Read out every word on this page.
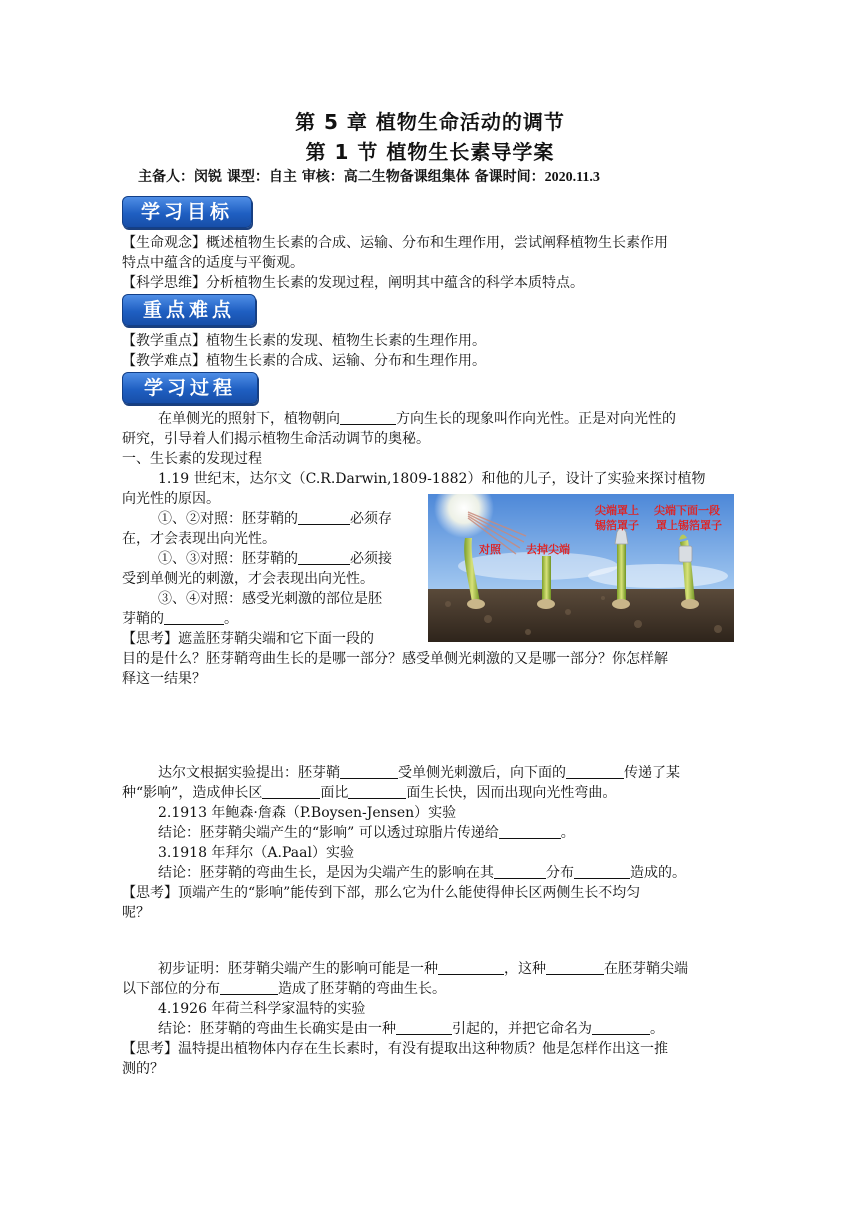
第 5 章 植物生命活动的调节
第 1 节 植物生长素导学案
主备人：闵锐 课型：自主 审核：高二生物备课组集体 备课时间：2020.11.3
学习目标
【生命观念】概述植物生长素的合成、运输、分布和生理作用，尝试阐释植物生长素作用
特点中蕴含的适度与平衡观。
【科学思维】分析植物生长素的发现过程，阐明其中蕴含的科学本质特点。
重点难点
【教学重点】植物生长素的发现、植物生长素的生理作用。
【教学难点】植物生长素的合成、运输、分布和生理作用。
学习过程
在单侧光的照射下，植物朝向	方向生长的现象叫作向光性。正是对向光性的
研究，引导着人们揭示植物生命活动调节的奥秘。
一、生长素的发现过程
1.19 世纪末，达尔文（C.R.Darwin,1809-1882）和他的儿子，设计了实验来探讨植物
向光性的原因。
①、②对照：胚芽鞘的	必须存
在，才会表现出向光性。
①、③对照：胚芽鞘的	必须接
受到单侧光的刺激，才会表现出向光性。
③、④对照：感受光刺激的部位是胚
芽鞘的	。
【思考】遮盖胚芽鞘尖端和它下面一段的
目的是什么？胚芽鞘弯曲生长的是哪一部分？感受单侧光刺激的又是哪一部分？你怎样解
释这一结果？
对照 去掉尖端
尖端罩上
锡箔罩子
尖端下面一段
罩上锡箔罩子
达尔文根据实验提出：胚芽鞘	受单侧光刺激后，向下面的	传递了某
种“影响”，造成伸长区	面比	面生长快，因而出现向光性弯曲。
2.1913 年鲍森·詹森（P.Boysen-Jensen）实验
结论：胚芽鞘尖端产生的“影响” 可以透过琼脂片传递给	。
3.1918 年拜尔（A.Paal）实验
结论：胚芽鞘的弯曲生长，是因为尖端产生的影响在其	分布	造成的。
【思考】顶端产生的“影响”能传到下部，那么它为什么能使得伸长区两侧生长不均匀
呢？
初步证明：胚芽鞘尖端产生的影响可能是一种	，这种	在胚芽鞘尖端
以下部位的分布	造成了胚芽鞘的弯曲生长。
4.1926 年荷兰科学家温特的实验
结论：胚芽鞘的弯曲生长确实是由一种	引起的，并把它命名为	。
【思考】温特提出植物体内存在生长素时，有没有提取出这种物质？他是怎样作出这一推
测的？
